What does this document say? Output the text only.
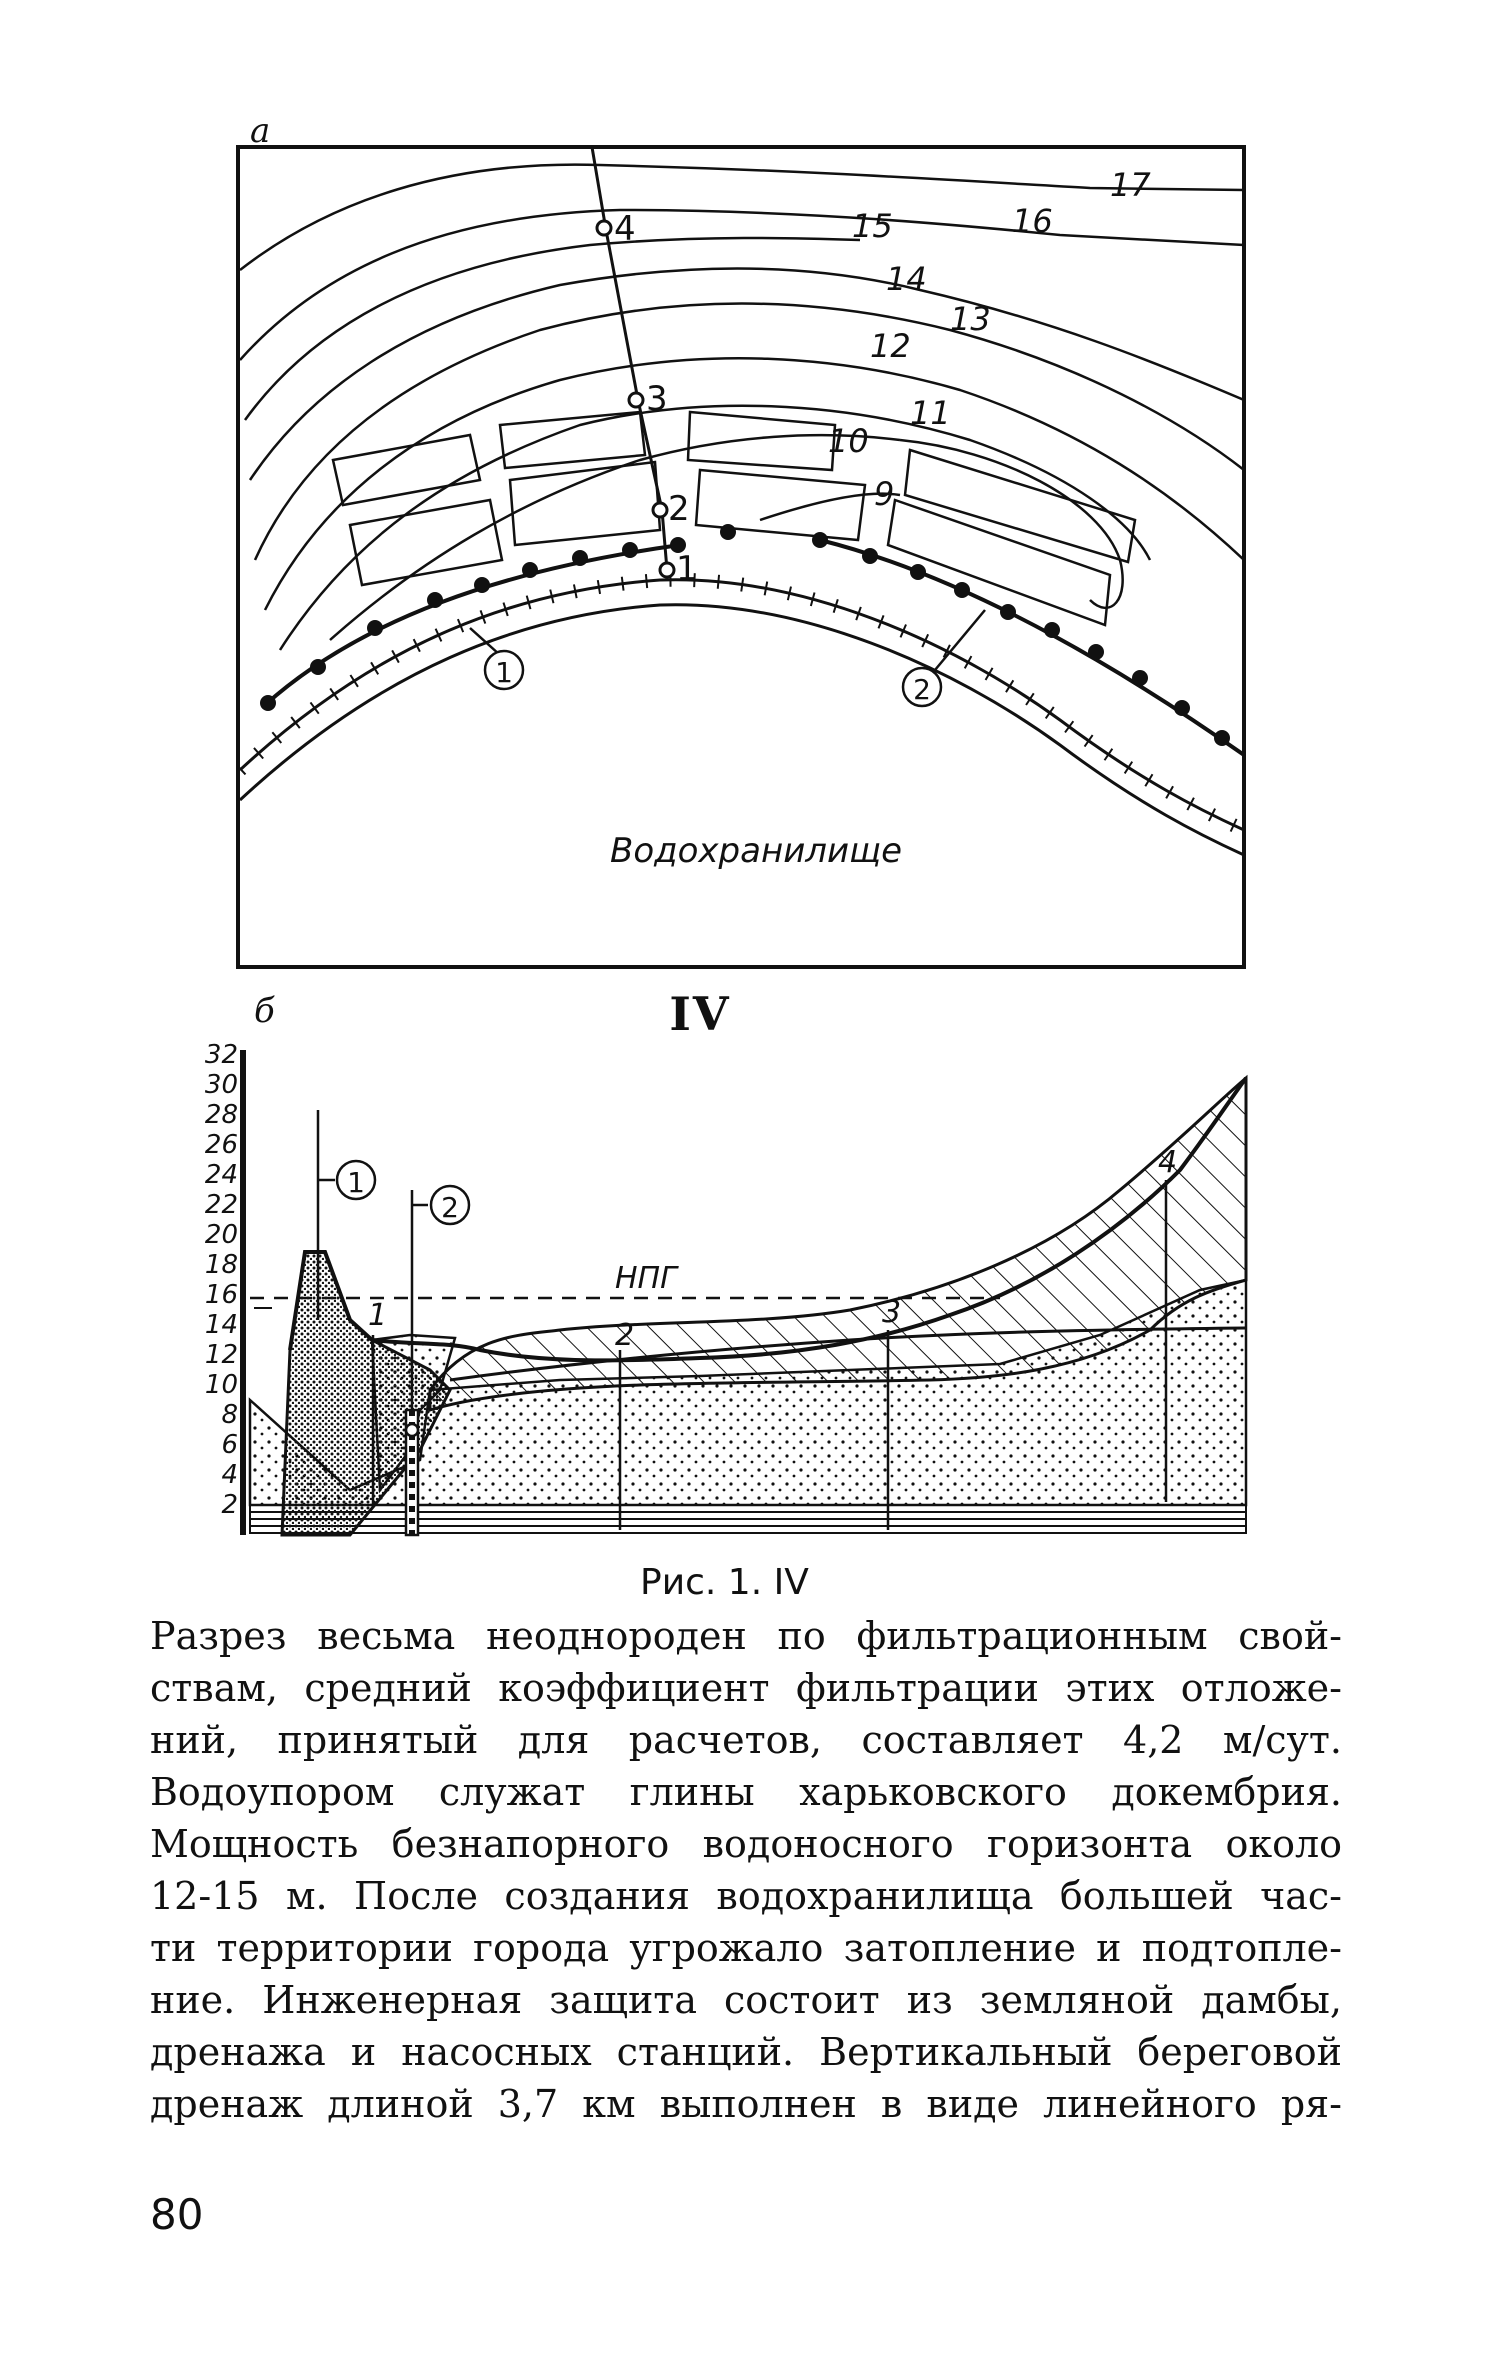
а
4
3
2
1
17
16
15
14
13
12
11
10
9
1
2
Водохранилище
б	IV
32
30
28
26
24
22
20
18
16
14
12
10
8
6
4
2
НПГ
1
2
1
2
3
4
Рис. 1. IV
Разрез весьма неоднороден по фильтрационным свой-
ствам, средний коэффициент фильтрации этих отложе-
ний, принятый для расчетов, составляет 4,2 м/сут.
Водоупором служат глины харьковского докембрия.
Мощность безнапорного водоносного горизонта около
12-15 м. После создания водохранилища большей час-
ти территории города угрожало затопление и подтопле-
ние. Инженерная защита состоит из земляной дамбы,
дренажа и насосных станций. Вертикальный береговой
дренаж длиной 3,7 км выполнен в виде линейного ря-
80
